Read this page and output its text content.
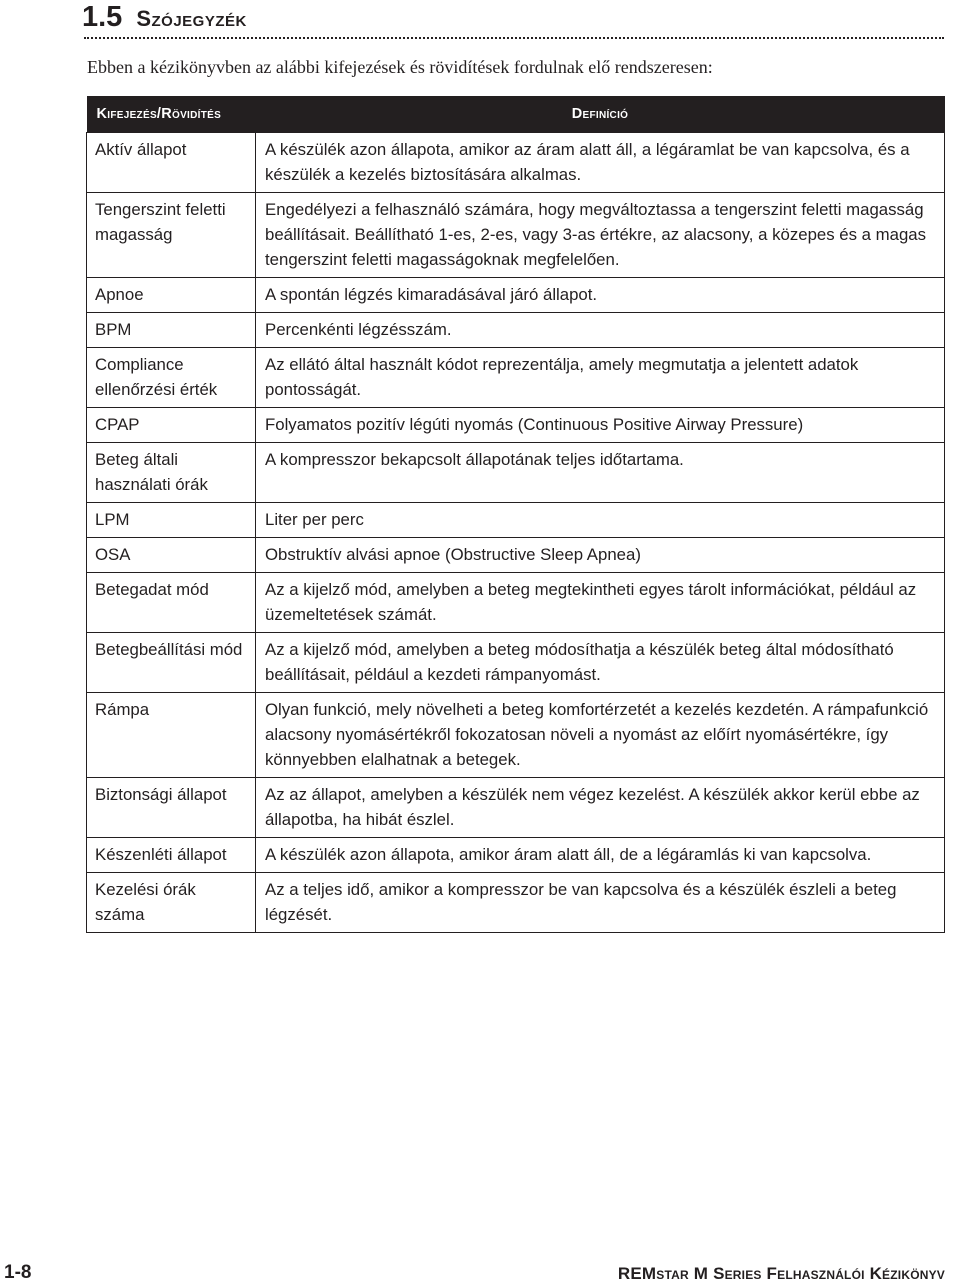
1.5 Szójegyzék
Ebben a kézikönyvben az alábbi kifejezések és rövidítések fordulnak elő rendszeresen:
Kifejezés/Rövidítés	Definíció
Aktív állapot	A készülék azon állapota, amikor az áram alatt áll, a légáramlat be van kapcsolva, és a készülék a kezelés biztosítására alkalmas.
Tengerszint feletti magasság	Engedélyezi a felhasználó számára, hogy megváltoztassa a tengerszint feletti magasság beállításait. Beállítható 1-es, 2-es, vagy 3-as értékre, az alacsony, a közepes és a magas tengerszint feletti magasságoknak megfelelően.
Apnoe	A spontán légzés kimaradásával járó állapot.
BPM	Percenkénti légzésszám.
Compliance ellenőrzési érték	Az ellátó által használt kódot reprezentálja, amely megmutatja a jelentett adatok pontosságát.
CPAP	Folyamatos pozitív légúti nyomás (Continuous Positive Airway Pressure)
Beteg általi használati órák	A kompresszor bekapcsolt állapotának teljes időtartama.
LPM	Liter per perc
OSA	Obstruktív alvási apnoe (Obstructive Sleep Apnea)
Betegadat mód	Az a kijelző mód, amelyben a beteg megtekintheti egyes tárolt információkat, például az üzemeltetések számát.
Betegbeállítási mód	Az a kijelző mód, amelyben a beteg módosíthatja a készülék beteg által módosítható beállításait, például a kezdeti rámpanyomást.
Rámpa	Olyan funkció, mely növelheti a beteg komfortérzetét a kezelés kezdetén. A rámpafunkció alacsony nyomásértékről fokozatosan növeli a nyomást az előírt nyomásértékre, így könnyebben elalhatnak a betegek.
Biztonsági állapot	Az az állapot, amelyben a készülék nem végez kezelést. A készülék akkor kerül ebbe az állapotba, ha hibát észlel.
Készenléti állapot	A készülék azon állapota, amikor áram alatt áll, de a légáramlás ki van kapcsolva.
Kezelési órák száma	Az a teljes idő, amikor a kompresszor be van kapcsolva és a készülék észleli a beteg légzését.
1-8	REMstar M Series Felhasználói Kézikönyv
